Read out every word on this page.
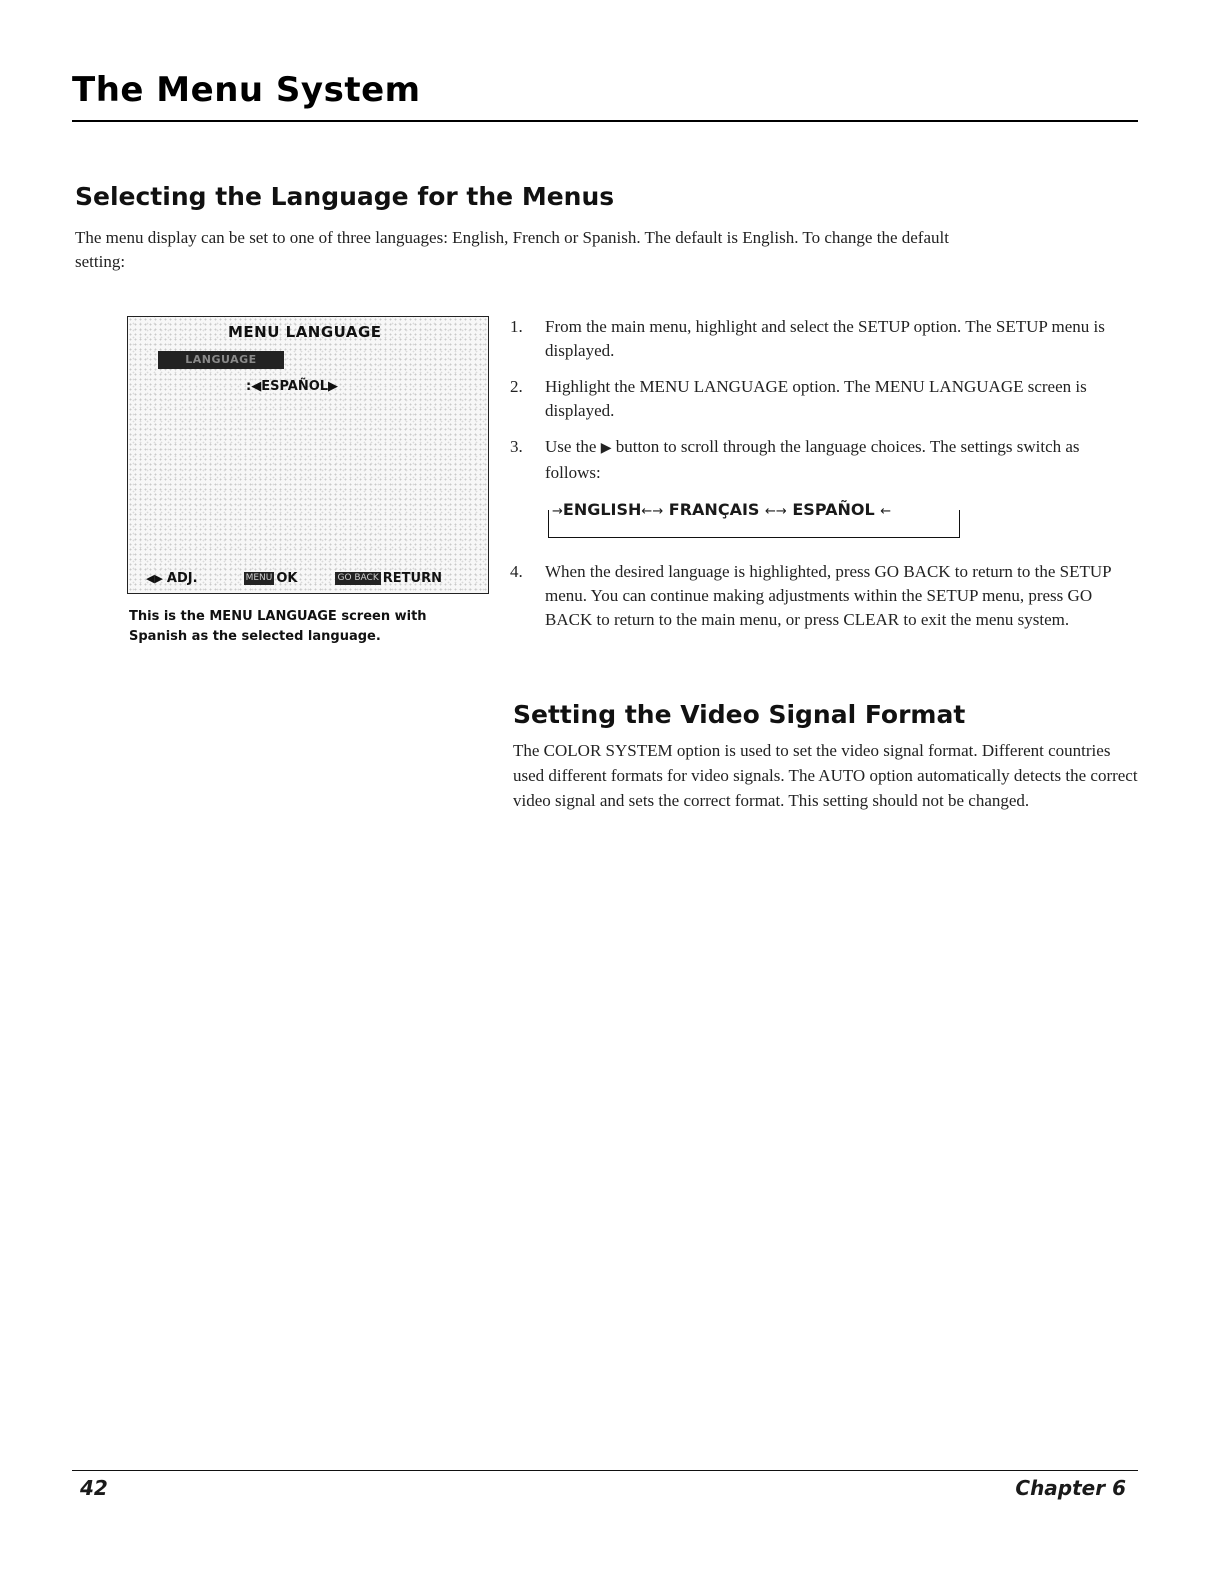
The Menu System
Selecting the Language for the Menus

The menu display can be set to one of three languages: English, French or Spanish. The default is English. To change the default setting:

MENU LANGUAGE
LANGUAGE
:◀ESPAÑOL▶
◀▶ ADJ.	MENU OK	GO BACK RETURN

This is the MENU LANGUAGE screen with Spanish as the selected language.

1. From the main menu, highlight and select the SETUP option. The SETUP menu is displayed.
2. Highlight the MENU LANGUAGE option. The MENU LANGUAGE screen is displayed.
3. Use the ▶ button to scroll through the language choices. The settings switch as follows:
4. When the desired language is highlighted, press GO BACK to return to the SETUP menu. You can continue making adjustments within the SETUP menu, press GO BACK to return to the main menu, or press CLEAR to exit the menu system.
→ENGLISH←→ FRANÇAIS ←→ ESPAÑOL ←
Setting the Video Signal Format

The COLOR SYSTEM option is used to set the video signal format. Different countries used different formats for video signals. The AUTO option automatically detects the correct video signal and sets the correct format. This setting should not be changed.

42	Chapter 6
